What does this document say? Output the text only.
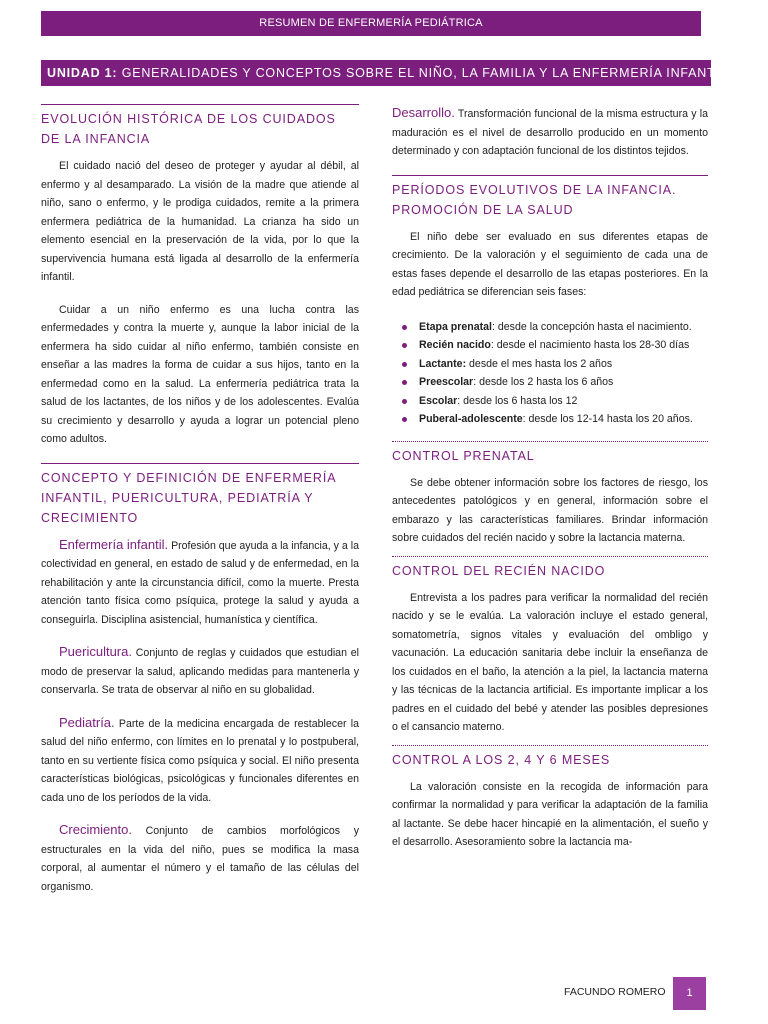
RESUMEN DE ENFERMERÍA PEDIÁTRICA
UNIDAD 1: GENERALIDADES Y CONCEPTOS SOBRE EL NIÑO, LA FAMILIA Y LA ENFERMERÍA INFANTIL
EVOLUCIÓN HISTÓRICA DE LOS CUIDADOS DE LA INFANCIA

El cuidado nació del deseo de proteger y ayudar al débil, al enfermo y al desamparado. La visión de la madre que atiende al niño, sano o enfermo, y le prodiga cuidados, remite a la primera enfermera pediátrica de la humanidad. La crianza ha sido un elemento esencial en la preservación de la vida, por lo que la supervivencia humana está ligada al desarrollo de la enfermería infantil.

Cuidar a un niño enfermo es una lucha contra las enfermedades y contra la muerte y, aunque la labor inicial de la enfermera ha sido cuidar al niño enfermo, también consiste en enseñar a las madres la forma de cuidar a sus hijos, tanto en la enfermedad como en la salud. La enfermería pediátrica trata la salud de los lactantes, de los niños y de los adolescentes. Evalúa su crecimiento y desarrollo y ayuda a lograr un potencial pleno como adultos.

CONCEPTO Y DEFINICIÓN DE ENFERMERÍA INFANTIL, PUERICULTURA, PEDIATRÍA Y CRECIMIENTO

Enfermería infantil. Profesión que ayuda a la infancia, y a la colectividad en general, en estado de salud y de enfermedad, en la rehabilitación y ante la circunstancia difícil, como la muerte. Presta atención tanto física como psíquica, protege la salud y ayuda a conseguirla. Disciplina asistencial, humanística y científica.

Puericultura. Conjunto de reglas y cuidados que estudian el modo de preservar la salud, aplicando medidas para mantenerla y conservarla. Se trata de observar al niño en su globalidad.

Pediatría. Parte de la medicina encargada de restablecer la salud del niño enfermo, con límites en lo prenatal y lo postpuberal, tanto en su vertiente física como psíquica y social. El niño presenta características biológicas, psicológicas y funcionales diferentes en cada uno de los períodos de la vida.

Crecimiento. Conjunto de cambios morfológicos y estructurales en la vida del niño, pues se modifica la masa corporal, al aumentar el número y el tamaño de las células del organismo.

Desarrollo. Transformación funcional de la misma estructura y la maduración es el nivel de desarrollo producido en un momento determinado y con adaptación funcional de los distintos tejidos.

PERÍODOS EVOLUTIVOS DE LA INFANCIA. PROMOCIÓN DE LA SALUD

El niño debe ser evaluado en sus diferentes etapas de crecimiento. De la valoración y el seguimiento de cada una de estas fases depende el desarrollo de las etapas posteriores. En la edad pediátrica se diferencian seis fases:

Etapa prenatal: desde la concepción hasta el nacimiento.
Recién nacido: desde el nacimiento hasta los 28-30 días
Lactante: desde el mes hasta los 2 años
Preescolar: desde los 2 hasta los 6 años
Escolar: desde los 6 hasta los 12
Puberal-adolescente: desde los 12-14 hasta los 20 años.
CONTROL PRENATAL

Se debe obtener información sobre los factores de riesgo, los antecedentes patológicos y en general, información sobre el embarazo y las características familiares. Brindar información sobre cuidados del recién nacido y sobre la lactancia materna.

CONTROL DEL RECIÉN NACIDO

Entrevista a los padres para verificar la normalidad del recién nacido y se le evalúa. La valoración incluye el estado general, somatometría, signos vitales y evaluación del ombligo y vacunación. La educación sanitaria debe incluir la enseñanza de los cuidados en el baño, la atención a la piel, la lactancia materna y las técnicas de la lactancia artificial. Es importante implicar a los padres en el cuidado del bebé y atender las posibles depresiones o el cansancio materno.

CONTROL A LOS 2, 4 Y 6 MESES

La valoración consiste en la recogida de información para confirmar la normalidad y para verificar la adaptación de la familia al lactante. Se debe hacer hincapié en la alimentación, el sueño y el desarrollo. Asesoramiento sobre la lactancia ma-

FACUNDO ROMERO	1
